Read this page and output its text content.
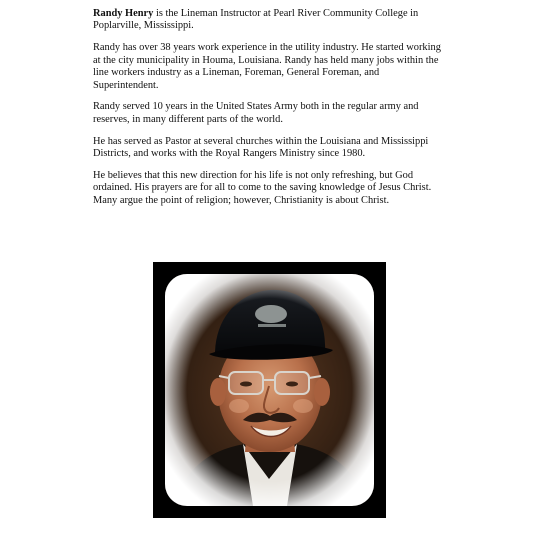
Randy Henry is the Lineman Instructor at Pearl River Community College in Poplarville, Mississippi.

Randy has over 38 years work experience in the utility industry. He started working at the city municipality in Houma, Louisiana. Randy has held many jobs within the line workers industry as a Lineman, Foreman, General Foreman, and Superintendent.

Randy served 10 years in the United States Army both in the regular army and reserves, in many different parts of the world.

He has served as Pastor at several churches within the Louisiana and Mississippi Districts, and works with the Royal Rangers Ministry since 1980.

He believes that this new direction for his life is not only refreshing, but God ordained. His prayers are for all to come to the saving knowledge of Jesus Christ. Many argue the point of religion; however, Christianity is about Christ.
